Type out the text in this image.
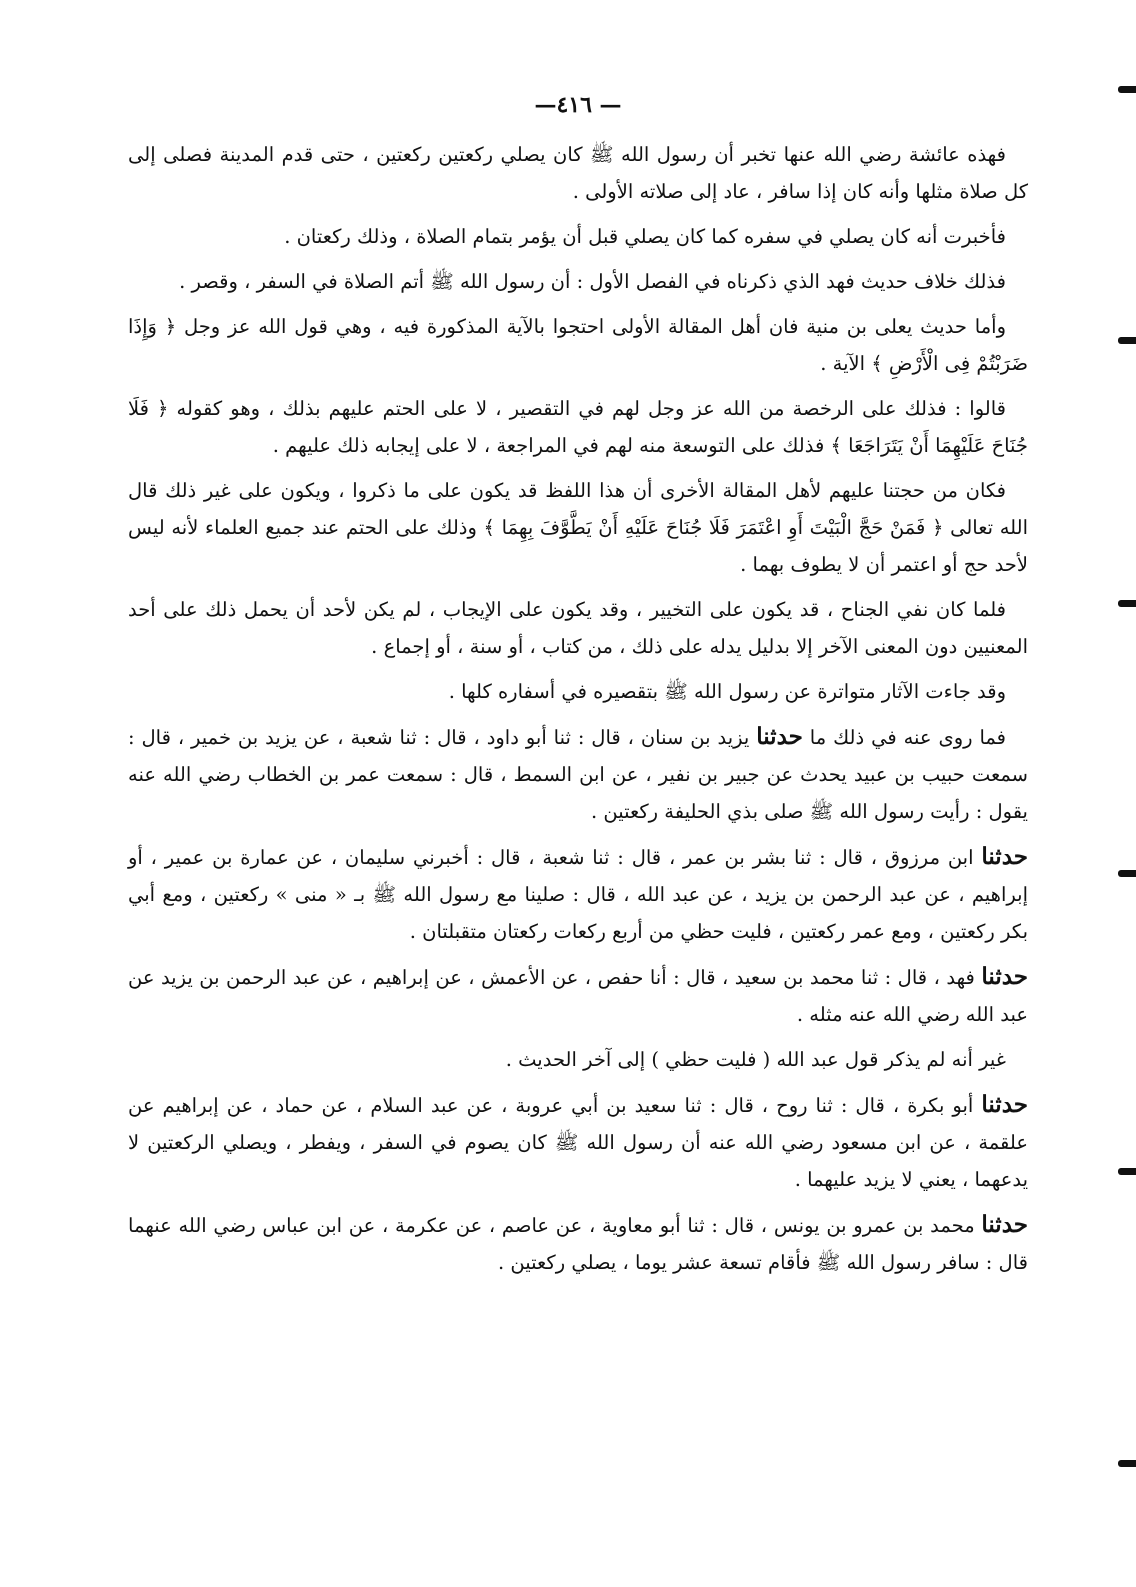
— ٤١٦—

فهذه عائشة رضي الله عنها تخبر أن رسول الله ﷺ كان يصلي ركعتين ركعتين ، حتى قدم المدينة فصلى إلى كل صلاة مثلها وأنه كان إذا سافر ، عاد إلى صلاته الأولى .

فأخبرت أنه كان يصلي في سفره كما كان يصلي قبل أن يؤمر بتمام الصلاة ، وذلك ركعتان .

فذلك خلاف حديث فهد الذي ذكرناه في الفصل الأول : أن رسول الله ﷺ أتم الصلاة في السفر ، وقصر .

وأما حديث يعلى بن منية فان أهل المقالة الأولى احتجوا بالآية المذكورة فيه ، وهي قول الله عز وجل ﴿ وَإِذَا ضَرَبْتُمْ فِى الْأَرْضِ ﴾ الآية .

قالوا : فذلك على الرخصة من الله عز وجل لهم في التقصير ، لا على الحتم عليهم بذلك ، وهو كقوله ﴿ فَلَا جُنَاحَ عَلَيْهِمَا أَنْ يَتَرَاجَعَا ﴾ فذلك على التوسعة منه لهم في المراجعة ، لا على إيجابه ذلك عليهم .

فكان من حجتنا عليهم لأهل المقالة الأخرى أن هذا اللفظ قد يكون على ما ذكروا ، ويكون على غير ذلك قال الله تعالى ﴿ فَمَنْ حَجَّ الْبَيْتَ أَوِ اعْتَمَرَ فَلَا جُنَاحَ عَلَيْهِ أَنْ يَطَّوَّفَ بِهِمَا ﴾ وذلك على الحتم عند جميع العلماء لأنه ليس لأحد حج أو اعتمر أن لا يطوف بهما .

فلما كان نفي الجناح ، قد يكون على التخيير ، وقد يكون على الإيجاب ، لم يكن لأحد أن يحمل ذلك على أحد المعنيين دون المعنى الآخر إلا بدليل يدله على ذلك ، من كتاب ، أو سنة ، أو إجماع .

وقد جاءت الآثار متواترة عن رسول الله ﷺ بتقصيره في أسفاره كلها .

فما روى عنه في ذلك ما حدثنا يزيد بن سنان ، قال : ثنا أبو داود ، قال : ثنا شعبة ، عن يزيد بن خمير ، قال : سمعت حبيب بن عبيد يحدث عن جبير بن نفير ، عن ابن السمط ، قال : سمعت عمر بن الخطاب رضي الله عنه يقول : رأيت رسول الله ﷺ صلى بذي الحليفة ركعتين .

حدثنا ابن مرزوق ، قال : ثنا بشر بن عمر ، قال : ثنا شعبة ، قال : أخبرني سليمان ، عن عمارة بن عمير ، أو إبراهيم ، عن عبد الرحمن بن يزيد ، عن عبد الله ، قال : صلينا مع رسول الله ﷺ بـ « منى » ركعتين ، ومع أبي بكر ركعتين ، ومع عمر ركعتين ، فليت حظي من أربع ركعات ركعتان متقبلتان .

حدثنا فهد ، قال : ثنا محمد بن سعيد ، قال : أنا حفص ، عن الأعمش ، عن إبراهيم ، عن عبد الرحمن بن يزيد عن عبد الله رضي الله عنه مثله .

غير أنه لم يذكر قول عبد الله ( فليت حظي ) إلى آخر الحديث .

حدثنا أبو بكرة ، قال : ثنا روح ، قال : ثنا سعيد بن أبي عروبة ، عن عبد السلام ، عن حماد ، عن إبراهيم عن علقمة ، عن ابن مسعود رضي الله عنه أن رسول الله ﷺ كان يصوم في السفر ، ويفطر ، ويصلي الركعتين لا يدعهما ، يعني لا يزيد عليهما .

حدثنا محمد بن عمرو بن يونس ، قال : ثنا أبو معاوية ، عن عاصم ، عن عكرمة ، عن ابن عباس رضي الله عنهما قال : سافر رسول الله ﷺ فأقام تسعة عشر يوما ، يصلي ركعتين .
